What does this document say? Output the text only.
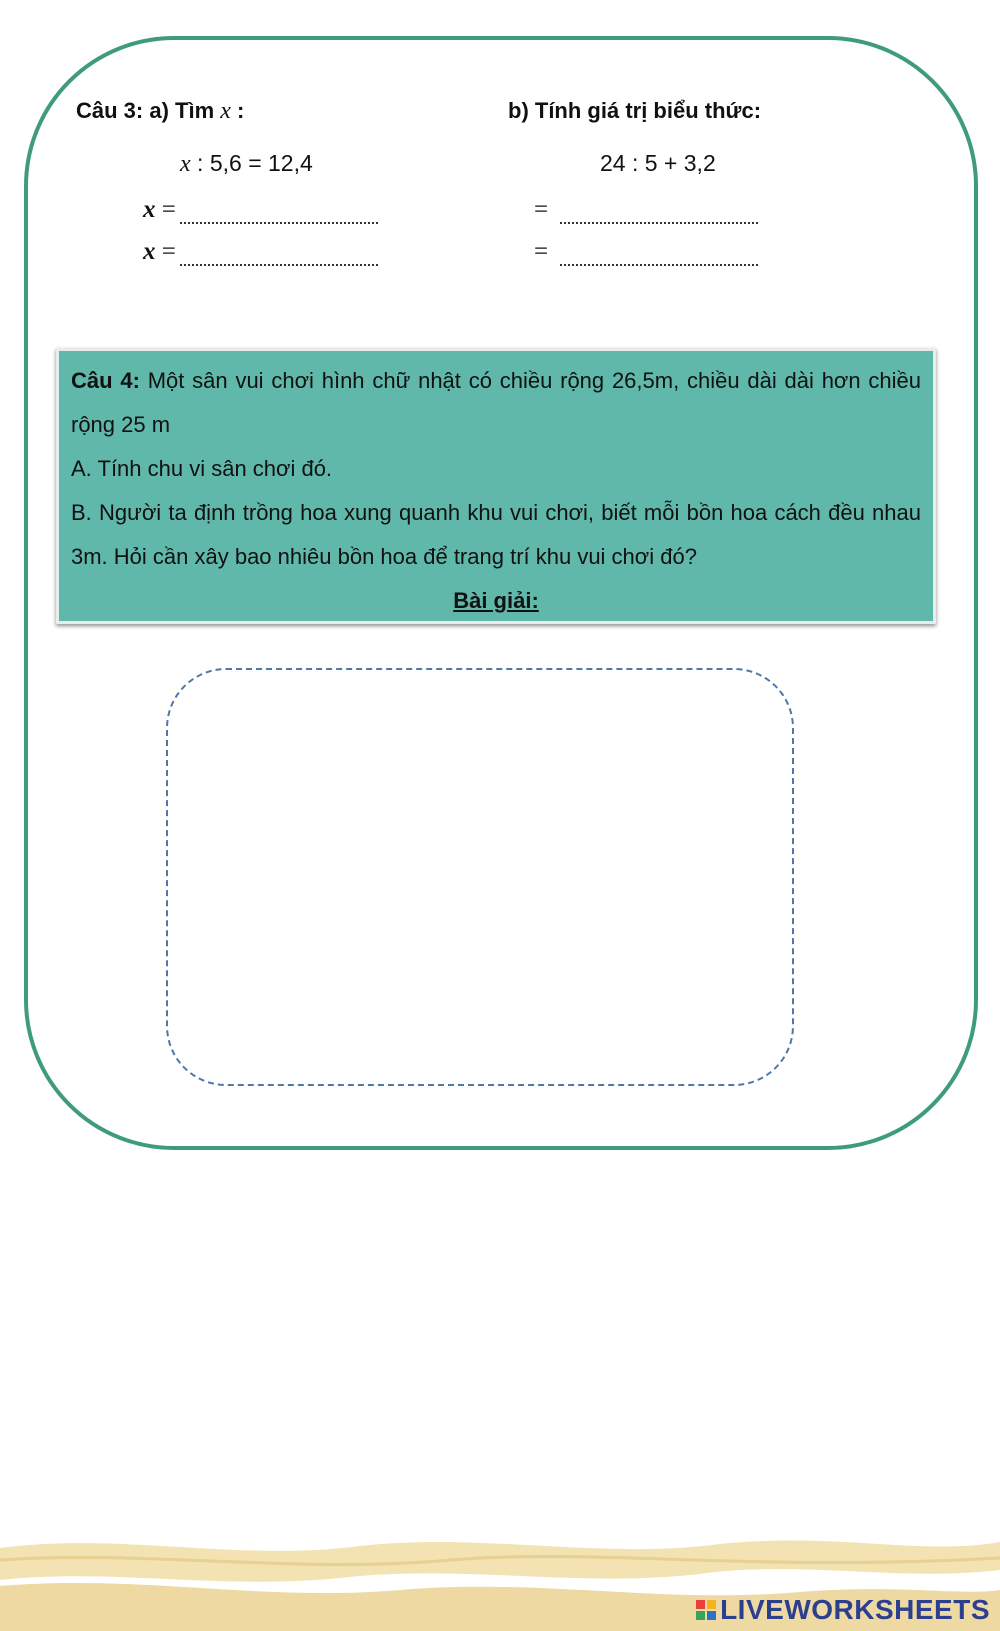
Câu 3: a) Tìm x :
x : 5,6 = 12,4
x =
x =
b) Tính giá trị biểu thức:
24 : 5 + 3,2
=
=

Câu 4: Một sân vui chơi hình chữ nhật có chiều rộng 26,5m, chiều dài dài hơn chiều rộng 25 m

A. Tính chu vi sân chơi đó.

B. Người ta định trồng hoa xung quanh khu vui chơi, biết mỗi bồn hoa cách đều nhau 3m. Hỏi cần xây bao nhiêu bồn hoa để trang trí khu vui chơi đó?

Bài giải:

LIVEWORKSHEETS
